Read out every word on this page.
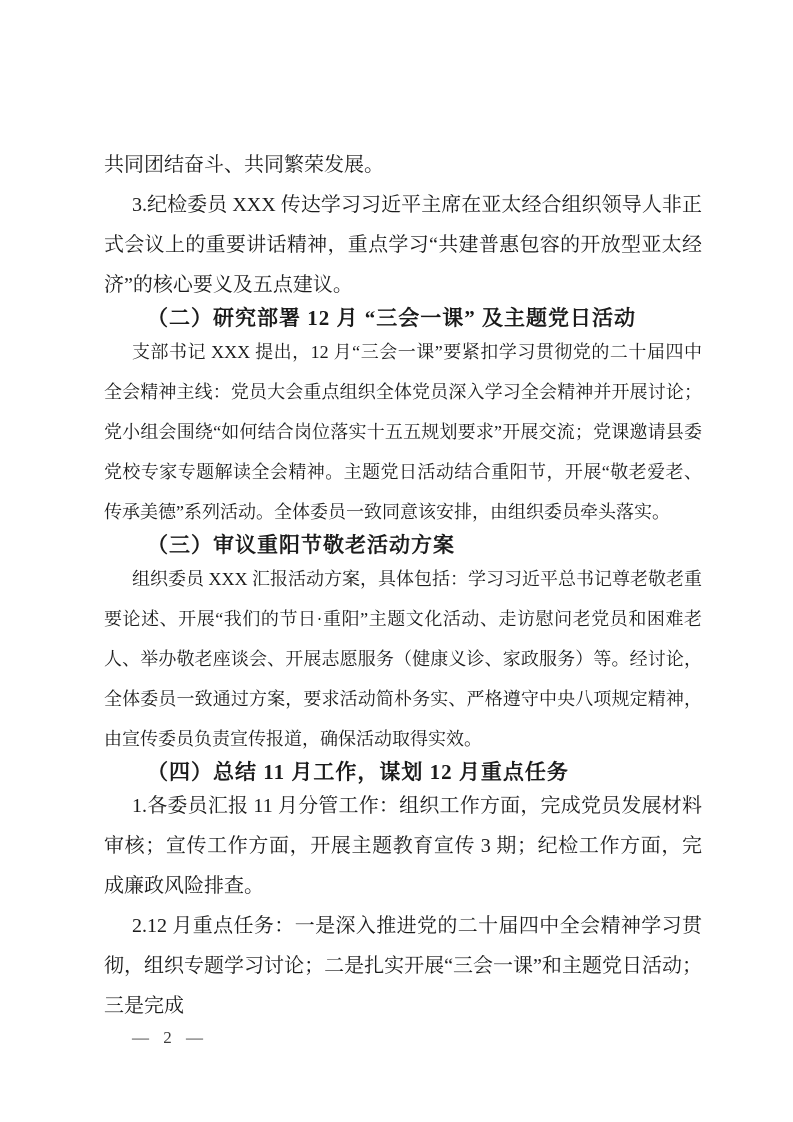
共同团结奋斗、共同繁荣发展。

3.纪检委员 XXX 传达学习习近平主席在亚太经合组织领导人非正式会议上的重要讲话精神，重点学习“共建普惠包容的开放型亚太经济”的核心要义及五点建议。

（二）研究部署 12 月 “三会一课” 及主题党日活动

支部书记 XXX 提出，12 月“三会一课”要紧扣学习贯彻党的二十届四中全会精神主线：党员大会重点组织全体党员深入学习全会精神并开展讨论；党小组会围绕“如何结合岗位落实十五五规划要求”开展交流；党课邀请县委党校专家专题解读全会精神。主题党日活动结合重阳节，开展“敬老爱老、传承美德”系列活动。全体委员一致同意该安排，由组织委员牵头落实。

（三）审议重阳节敬老活动方案

组织委员 XXX 汇报活动方案，具体包括：学习习近平总书记尊老敬老重要论述、开展“我们的节日·重阳”主题文化活动、走访慰问老党员和困难老人、举办敬老座谈会、开展志愿服务（健康义诊、家政服务）等。经讨论，全体委员一致通过方案，要求活动简朴务实、严格遵守中央八项规定精神，由宣传委员负责宣传报道，确保活动取得实效。

（四）总结 11 月工作，谋划 12 月重点任务

1.各委员汇报 11 月分管工作：组织工作方面，完成党员发展材料审核；宣传工作方面，开展主题教育宣传 3 期；纪检工作方面，完成廉政风险排查。

2.12 月重点任务：一是深入推进党的二十届四中全会精神学习贯彻，组织专题学习讨论；二是扎实开展“三会一课”和主题党日活动；三是完成

— 2 —
